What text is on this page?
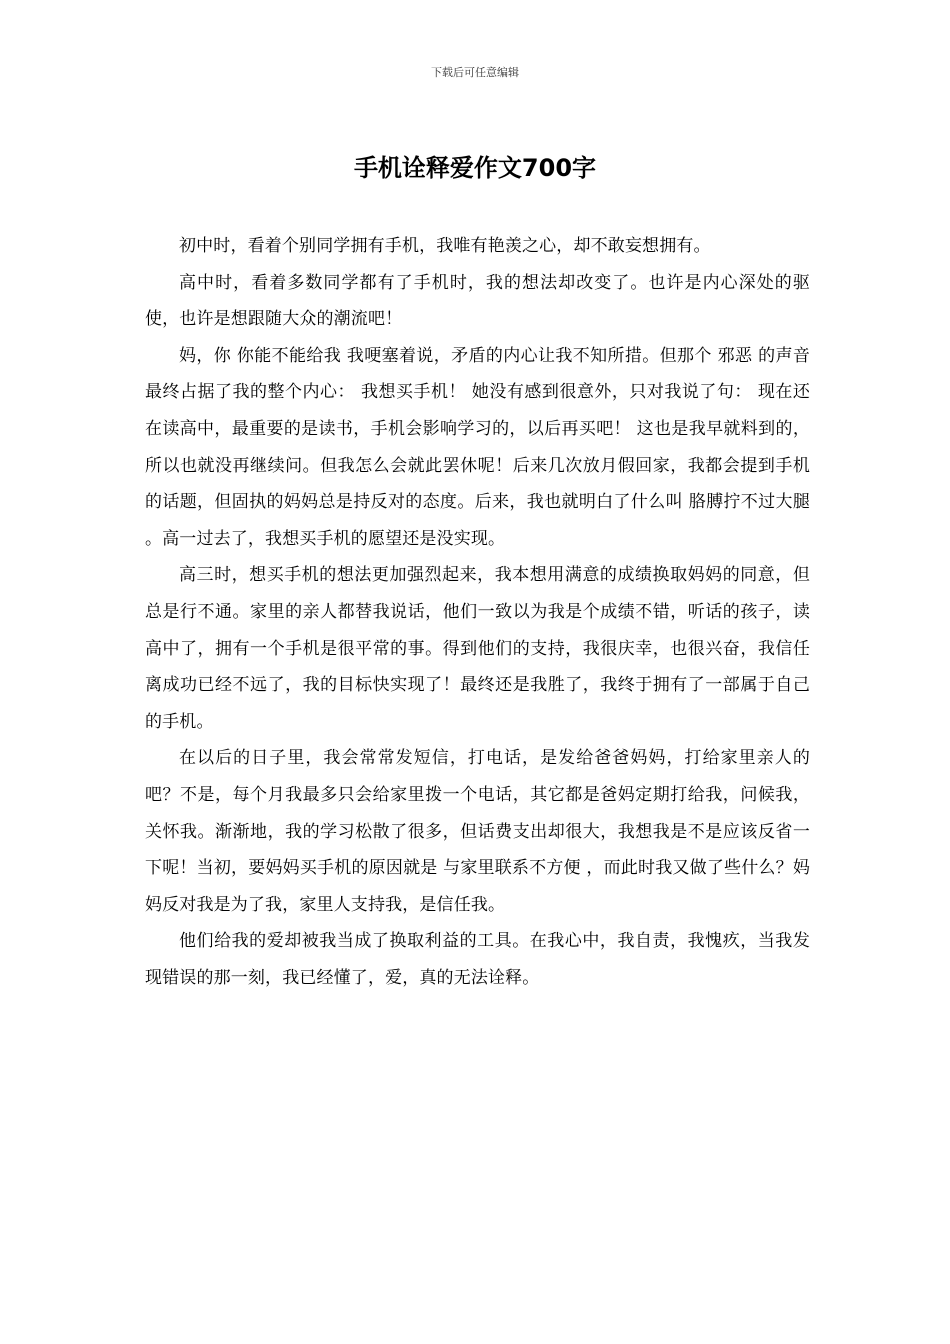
下载后可任意编辑
手机诠释爱作文700字

初中时，看着个别同学拥有手机，我唯有艳羡之心，却不敢妄想拥有。

高中时，看着多数同学都有了手机时，我的想法却改变了。也许是内心深处的驱使，也许是想跟随大众的潮流吧！

妈，你 你能不能给我 我哽塞着说，矛盾的内心让我不知所措。但那个 邪恶 的声音最终占据了我的整个内心： 我想买手机！ 她没有感到很意外，只对我说了句： 现在还在读高中，最重要的是读书，手机会影响学习的，以后再买吧！ 这也是我早就料到的，所以也就没再继续问。但我怎么会就此罢休呢！后来几次放月假回家，我都会提到手机的话题，但固执的妈妈总是持反对的态度。后来，我也就明白了什么叫 胳膊拧不过大腿 。高一过去了，我想买手机的愿望还是没实现。

高三时，想买手机的想法更加强烈起来，我本想用满意的成绩换取妈妈的同意，但总是行不通。家里的亲人都替我说话，他们一致以为我是个成绩不错，听话的孩子，读高中了，拥有一个手机是很平常的事。得到他们的支持，我很庆幸，也很兴奋，我信任离成功已经不远了，我的目标快实现了！最终还是我胜了，我终于拥有了一部属于自己的手机。

在以后的日子里，我会常常发短信，打电话，是发给爸爸妈妈，打给家里亲人的吧？不是，每个月我最多只会给家里拨一个电话，其它都是爸妈定期打给我，问候我，关怀我。渐渐地，我的学习松散了很多，但话费支出却很大，我想我是不是应该反省一下呢！当初，要妈妈买手机的原因就是 与家里联系不方便 ，而此时我又做了些什么？妈妈反对我是为了我，家里人支持我，是信任我。

他们给我的爱却被我当成了换取利益的工具。在我心中，我自责，我愧疚，当我发现错误的那一刻，我已经懂了，爱，真的无法诠释。
